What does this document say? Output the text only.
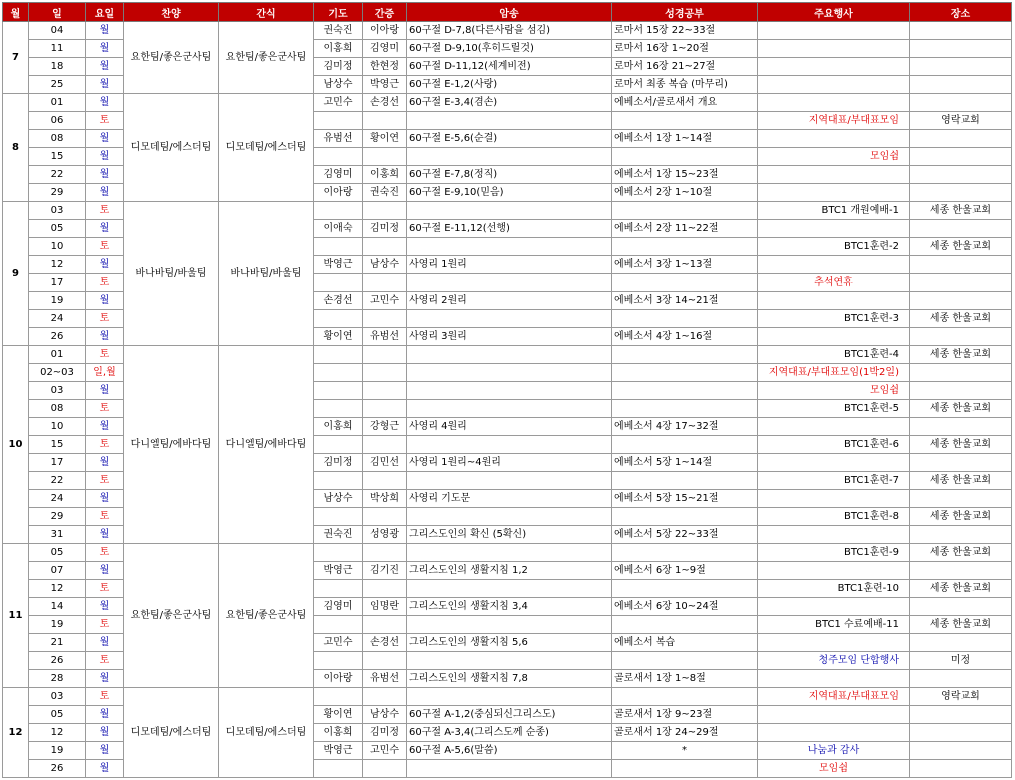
월	일	요일	찬양	간식	기도	간증	암송	성경공부	주요행사	장소
7	04	월	요한팀/좋은군사팀	요한팀/좋은군사팀	권숙진	이아랑	60구절 D-7,8(다른사람을 섬김)	로마서 15장 22~33절		
	11	월			이홍희	김영미	60구절 D-9,10(후히드릴것)	로마서 16장 1~20절		
	18	월			김미정	한현정	60구절 D-11,12(세계비전)	로마서 16장 21~27절		
	25	월			남상수	박영근	60구절 E-1,2(사랑)	로마서 최종 복습 (마무리)		
8	01	월	디모데팀/에스더팀	디모데팀/에스더팀	고민수	손경선	60구절 E-3,4(겸손)	에베소서/골로새서 개요		
	06	토							지역대표/부대표모임	영락교회
	08	월			유범선	황이연	60구절 E-5,6(순결)	에베소서 1장 1~14절		
	15	월							모임쉼	
	22	월			김영미	이홍희	60구절 E-7,8(정직)	에베소서 1장 15~23절		
	29	월			이아랑	권숙진	60구절 E-9,10(믿음)	에베소서 2장 1~10절		
9	03	토	바나바팀/바울팀	바나바팀/바울팀					BTC1 개원예배-1	세종 한울교회
	05	월			이애숙	김미정	60구절 E-11,12(선행)	에베소서 2장 11~22절		
	10	토							BTC1훈련-2	세종 한울교회
	12	월			박영근	남상수	사영리 1원리	에베소서 3장 1~13절		
	17	토							추석연휴	
	19	월			손경선	고민수	사영리 2원리	에베소서 3장 14~21절		
	24	토							BTC1훈련-3	세종 한울교회
	26	월			황이연	유범선	사영리 3원리	에베소서 4장 1~16절		
10	01	토	다니엘팀/에바다팀	다니엘팀/에바다팀					BTC1훈련-4	세종 한울교회
	02~03	일,월							지역대표/부대표모임(1박2일)	
	03	월							모임쉼	
	08	토							BTC1훈련-5	세종 한울교회
	10	월			이홍희	강형근	사영리 4원리	에베소서 4장 17~32절		
	15	토							BTC1훈련-6	세종 한울교회
	17	월			김미정	김민선	사영리 1원리~4원리	에베소서 5장 1~14절		
	22	토							BTC1훈련-7	세종 한울교회
	24	월			남상수	박상희	사영리 기도문	에베소서 5장 15~21절		
	29	토							BTC1훈련-8	세종 한울교회
	31	월			권숙진	성영광	그리스도인의 확신 (5확신)	에베소서 5장 22~33절		
11	05	토	요한팀/좋은군사팀	요한팀/좋은군사팀					BTC1훈련-9	세종 한울교회
	07	월			박영근	김기진	그리스도인의 생활지침 1,2	에베소서 6장 1~9절		
	12	토							BTC1훈련-10	세종 한울교회
	14	월			김영미	임명란	그리스도인의 생활지침 3,4	에베소서 6장 10~24절		
	19	토							BTC1 수료예배-11	세종 한울교회
	21	월			고민수	손경선	그리스도인의 생활지침 5,6	에베소서 복습		
	26	토							청주모임 단합행사	미정
	28	월			이아랑	유범선	그리스도인의 생활지침 7,8	골로새서 1장 1~8절		
12	03	토	디모데팀/에스더팀	디모데팀/에스더팀					지역대표/부대표모임	영락교회
	05	월			황이연	남상수	60구절 A-1,2(중심되신그리스도)	골로새서 1장 9~23절		
	12	월			이홍희	김미정	60구절 A-3,4(그리스도께 순종)	골로새서 1장 24~29절		
	19	월			박영근	고민수	60구절 A-5,6(말씀)	*	나눔과 감사	
	26	월							모임쉼	
